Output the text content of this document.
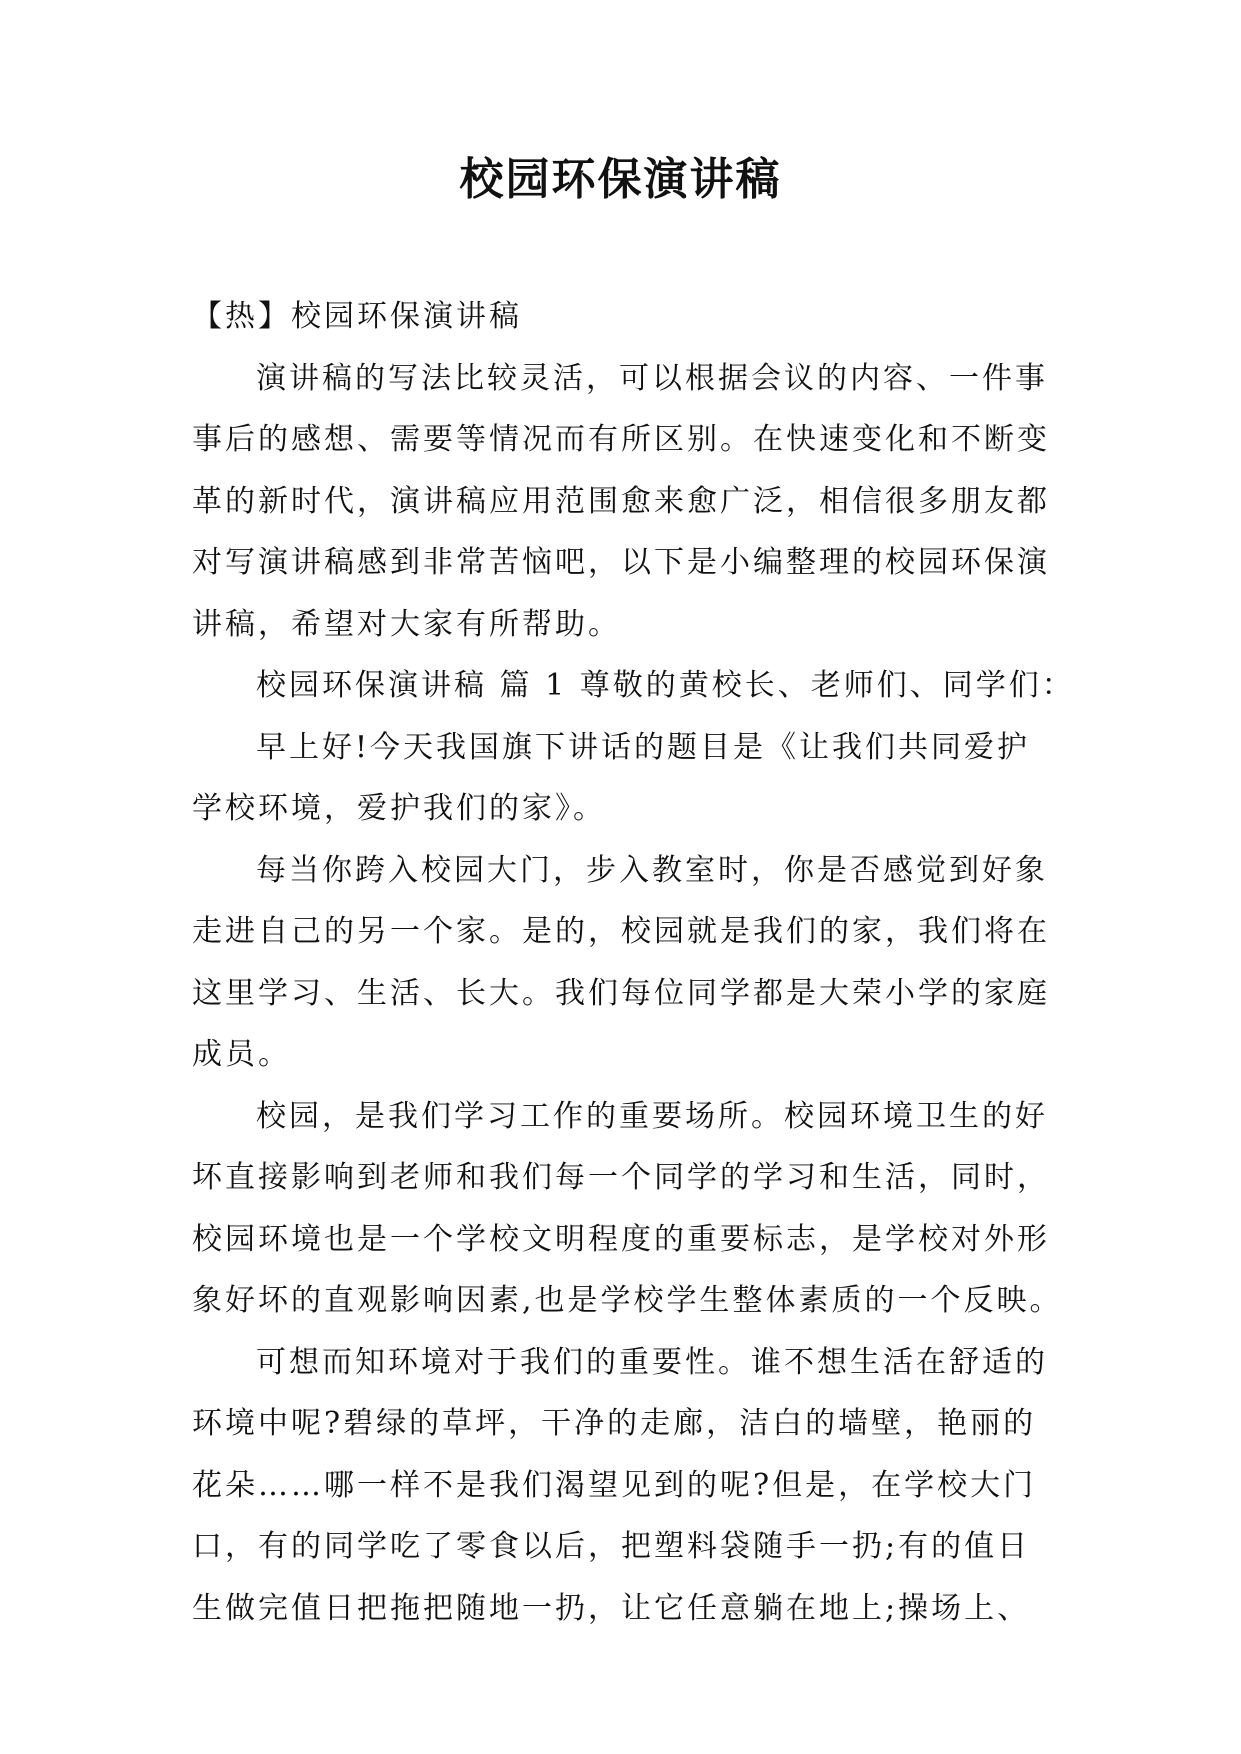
校园环保演讲稿
【热】校园环保演讲稿
演讲稿的写法比较灵活，可以根据会议的内容、一件事
事后的感想、需要等情况而有所区别。在快速变化和不断变
革的新时代，演讲稿应用范围愈来愈广泛，相信很多朋友都
对写演讲稿感到非常苦恼吧，以下是小编整理的校园环保演
讲稿，希望对大家有所帮助。
校园环保演讲稿 篇 1 尊敬的黄校长、老师们、同学们：
早上好!今天我国旗下讲话的题目是《让我们共同爱护
学校环境，爱护我们的家》。
每当你跨入校园大门，步入教室时，你是否感觉到好象
走进自己的另一个家。是的，校园就是我们的家，我们将在
这里学习、生活、长大。我们每位同学都是大荣小学的家庭
成员。
校园，是我们学习工作的重要场所。校园环境卫生的好
坏直接影响到老师和我们每一个同学的学习和生活，同时，
校园环境也是一个学校文明程度的重要标志，是学校对外形
象好坏的直观影响因素,也是学校学生整体素质的一个反映。
可想而知环境对于我们的重要性。谁不想生活在舒适的
环境中呢?碧绿的草坪，干净的走廊，洁白的墙壁，艳丽的
花朵……哪一样不是我们渴望见到的呢?但是，在学校大门
口，有的同学吃了零食以后，把塑料袋随手一扔;有的值日
生做完值日把拖把随地一扔，让它任意躺在地上;操场上、
